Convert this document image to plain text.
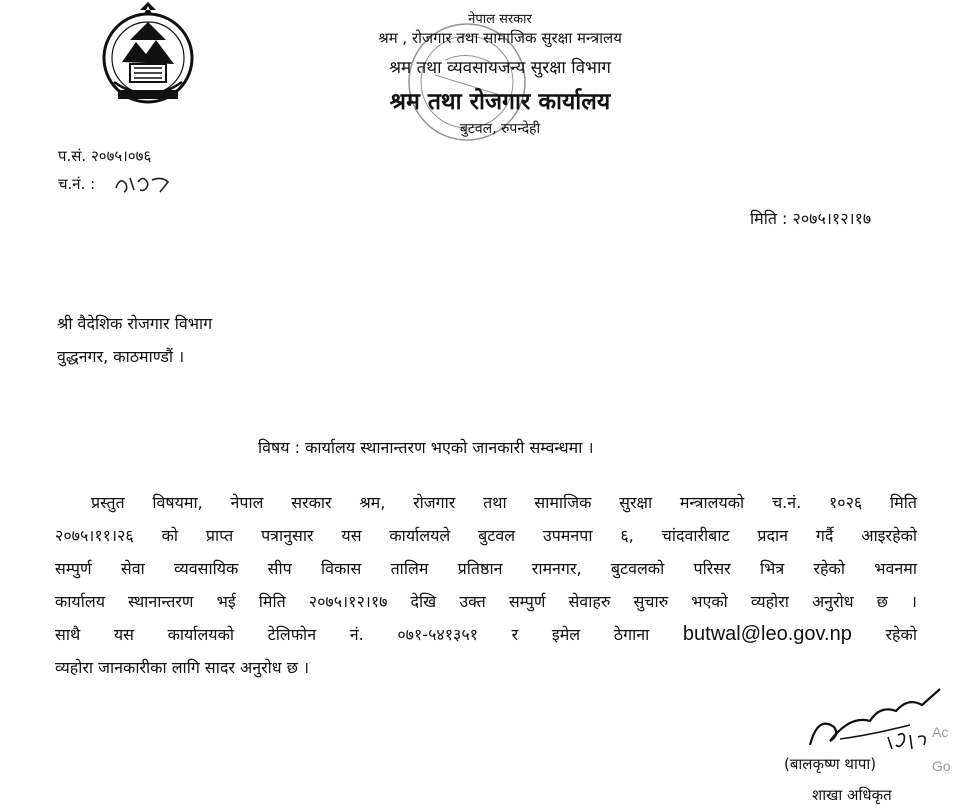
नेपाल सरकार
श्रम , रोजगार तथा सामाजिक सुरक्षा मन्त्रालय
श्रम तथा व्यवसायजन्य सुरक्षा विभाग
श्रम तथा रोजगार कार्यालय
बुटवल, रुपन्देही
प.सं. २०७५।०७६
च.नं. :
मिति : २०७५।१२।१७
श्री वैदेशिक रोजगार विभाग
वुद्धनगर, काठमाण्डौं ।
विषय : कार्यालय स्थानान्तरण भएको जानकारी सम्वन्धमा ।
प्रस्तुत विषयमा, नेपाल सरकार श्रम, रोजगार तथा सामाजिक सुरक्षा मन्त्रालयको च.नं. १०२६ मिति
२०७५।११।२६ को प्राप्त पत्रानुसार यस कार्यालयले बुटवल उपमनपा ६, चांदवारीबाट प्रदान गर्दै आइरहेको
सम्पुर्ण सेवा व्यवसायिक सीप विकास तालिम प्रतिष्ठान रामनगर, बुटवलको परिसर भित्र रहेको भवनमा
कार्यालय स्थानान्तरण भई मिति २०७५।१२।१७ देखि उक्त सम्पुर्ण सेवाहरु सुचारु भएको व्यहोरा अनुरोध छ ।
साथै यस कार्यालयको टेलिफोन नं. ०७१-५४१३५१ र इमेल ठेगाना butwal@leo.gov.np रहेको
व्यहोरा जानकारीका लागि सादर अनुरोध छ ।
(बालकृष्ण थापा)
शाखा अधिकृत
Ac
Go
